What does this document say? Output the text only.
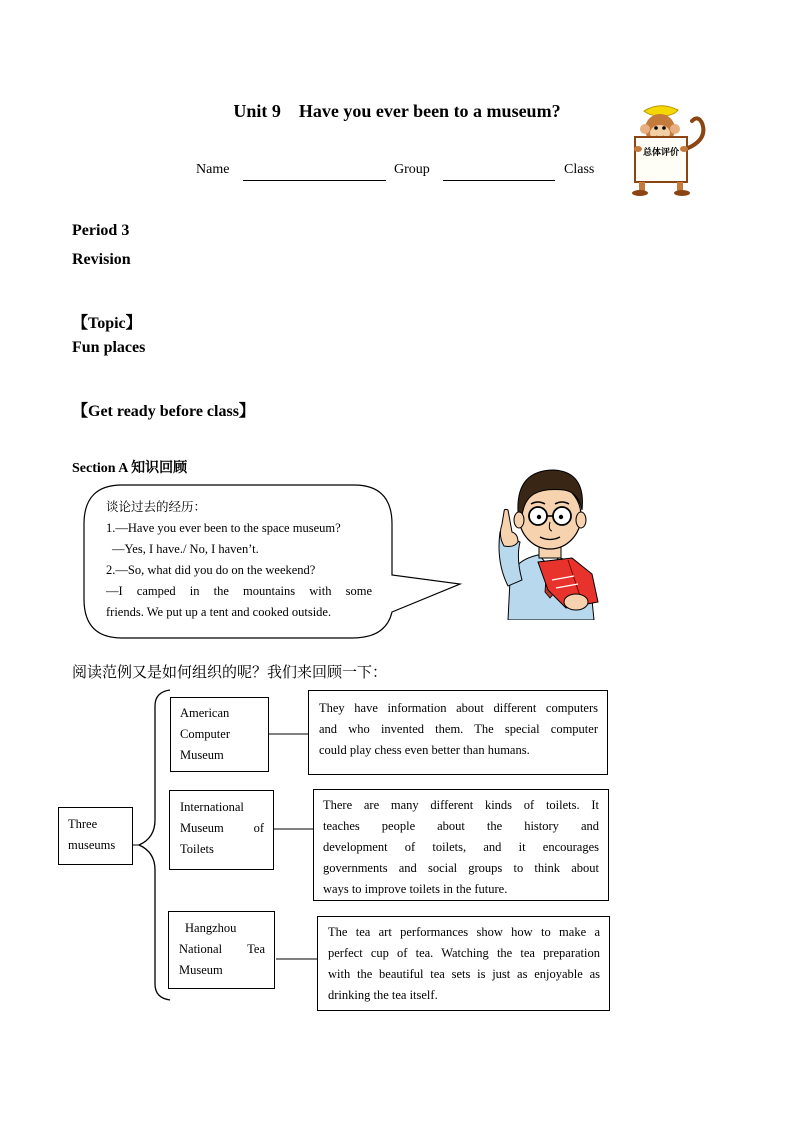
Unit 9 Have you ever been to a museum?
Name	Group	Class
总体评价
Period 3
Revision
【Topic】
Fun places
【Get ready before class】
Section A 知识回顾
谈论过去的经历：
1.—Have you ever been to the space museum?
—Yes, I have./ No, I haven’t.
2.—So, what did you do on the weekend?
—I camped in the mountains with some
friends. We put up a tent and cooked outside.
阅读范例又是如何组织的呢？我们来回顾一下：
Three
museums
American
Computer
Museum
They have information about different computers
and who invented them. The special computer
could play chess even better than humans.
International
Museum of
Toilets
There are many different kinds of toilets. It
teaches people about the history and
development of toilets, and it encourages
governments and social groups to think about
ways to improve toilets in the future.
Hangzhou
National Tea
Museum
The tea art performances show how to make a
perfect cup of tea. Watching the tea preparation
with the beautiful tea sets is just as enjoyable as
drinking the tea itself.
